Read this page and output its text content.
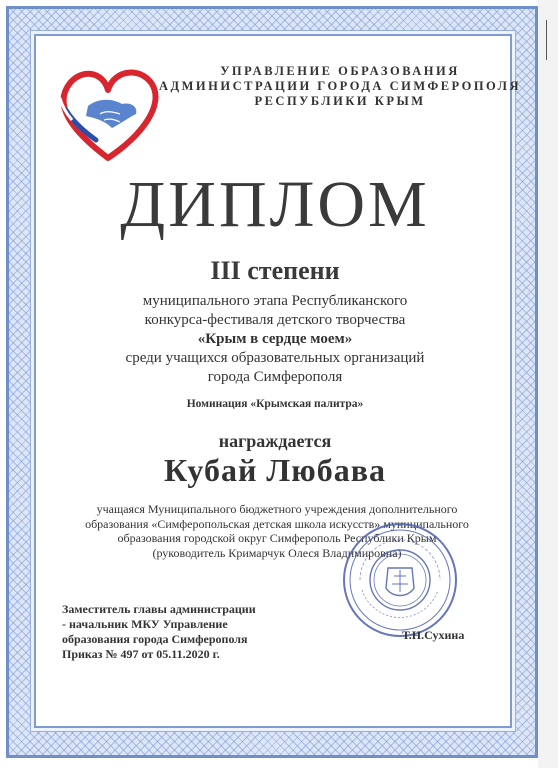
УПРАВЛЕНИЕ ОБРАЗОВАНИЯ
АДМИНИСТРАЦИИ ГОРОДА СИМФЕРОПОЛЯ
РЕСПУБЛИКИ КРЫМ
ДИПЛОМ
III степени
муниципального этапа Республиканского
конкурса-фестиваля детского творчества
«Крым в сердце моем»
среди учащихся образовательных организаций
города Симферополя
Номинация «Крымская палитра»
награждается
Кубай Любава
учащаяся Муниципального бюджетного учреждения дополнительного
образования «Симферопольская детская школа искусств» муниципального
образования городской округ Симферополь Республики Крым
(руководитель Кримарчук Олеся Владимировна)
Заместитель главы администрации
- начальник МКУ Управление
образования города Симферополя
Приказ № 497 от 05.11.2020 г.
Т.Н.Сухина
